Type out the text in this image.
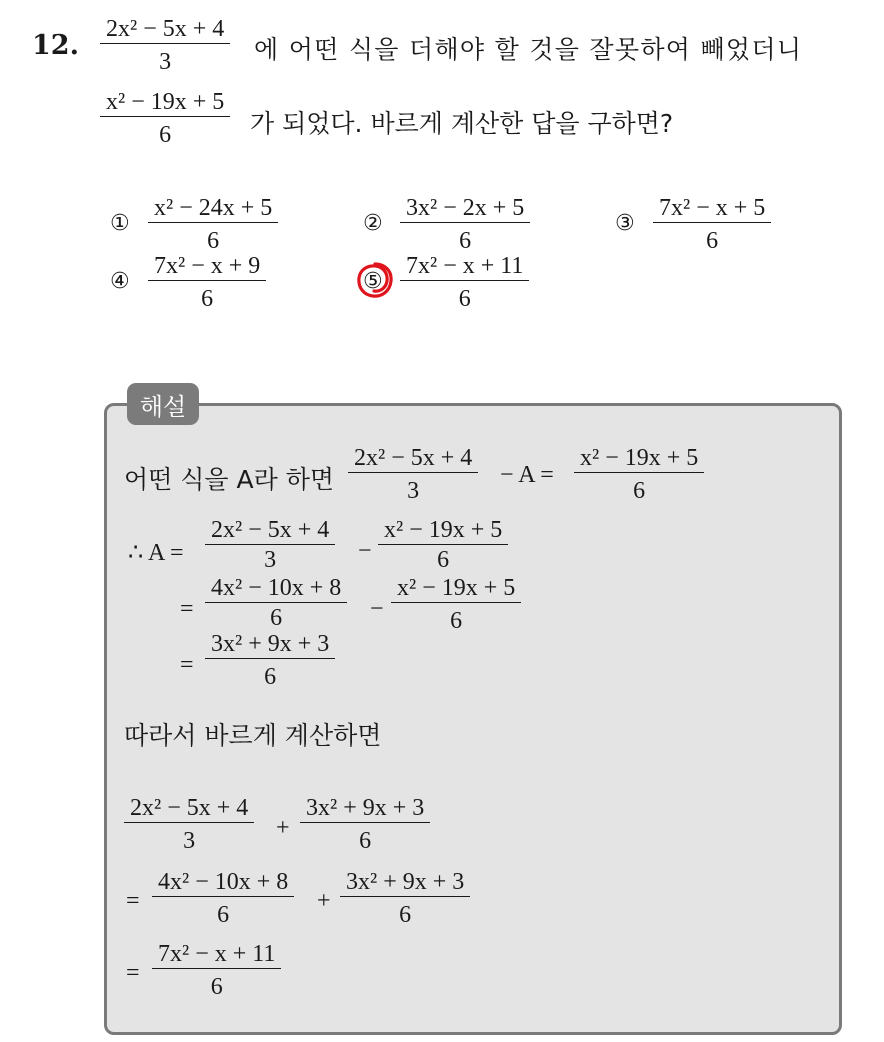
12. $\frac{\text{2x² − 5x + 4}}{3}$ 에 어떤 식을 더해야 할 것을 잘못하여 빼었더니
$\frac{\text{x² − 19x + 5}}{6}$ 가 되었다. 바르게 계산한 답을 구하면?
① $\frac{\text{x² − 24x + 5}}{6}$	② $\frac{\text{3x² − 2x + 5}}{6}$	③ $\frac{\text{7x² − x + 5}}{6}$
④ $\frac{\text{7x² − x + 9}}{6}$	⑤ $\frac{\text{7x² − x + 11}}{6}$
해설
어떤 식을 A라 하면 $\frac{\text{2x² − 5x + 4}}{3} - A = \frac{\text{x² − 19x + 5}}{6}$
∴ $A = \frac{\text{2x² − 5x + 4}}{3} - \frac{\text{x² − 19x + 5}}{6}$
= $\frac{\text{4x² − 10x + 8}}{6} - \frac{\text{x² − 19x + 5}}{6}$
= $\frac{\text{3x² + 9x + 3}}{6}$
따라서 바르게 계산하면
$\frac{\text{2x² − 5x + 4}}{3} + \frac{\text{3x² + 9x + 3}}{6}$
= $\frac{\text{4x² − 10x + 8}}{6} + \frac{\text{3x² + 9x + 3}}{6}$
= $\frac{\text{7x² − x + 11}}{6}$
